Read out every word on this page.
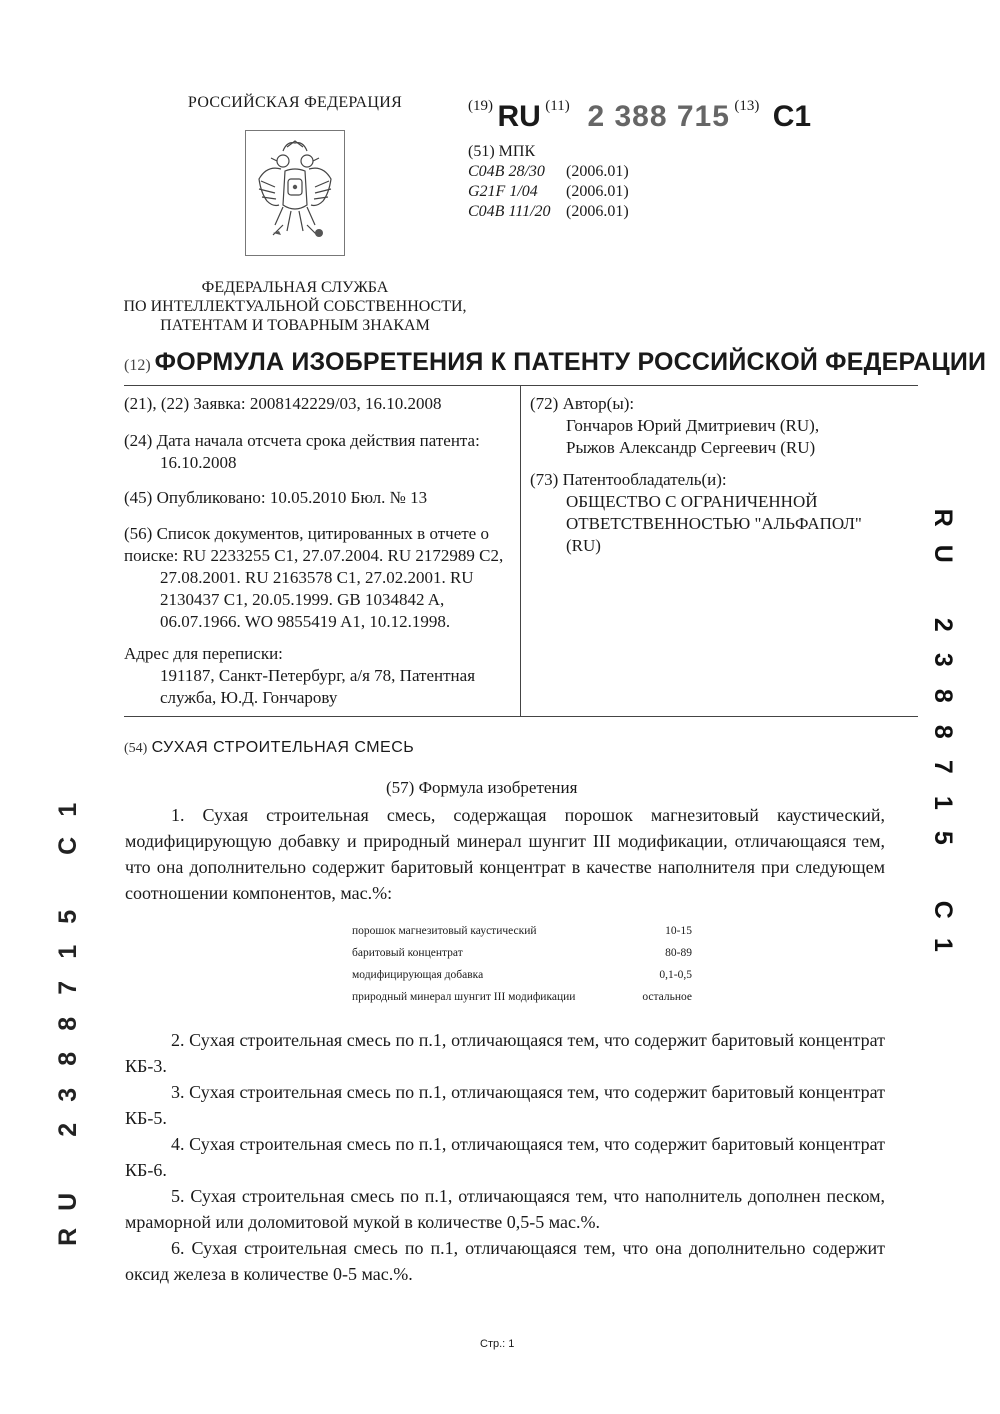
РОССИЙСКАЯ ФЕДЕРАЦИЯ
ФЕДЕРАЛЬНАЯ СЛУЖБА
ПО ИНТЕЛЛЕКТУАЛЬНОЙ СОБСТВЕННОСТИ,
ПАТЕНТАМ И ТОВАРНЫМ ЗНАКАМ
(19) RU (11) 2 388 715 (13) C1
(51) МПК
C04B 28/30 (2006.01)
G21F 1/04 (2006.01)
C04B 111/20 (2006.01)
(12) ФОРМУЛА ИЗОБРЕТЕНИЯ К ПАТЕНТУ РОССИЙСКОЙ ФЕДЕРАЦИИ
(21), (22) Заявка: 2008142229/03, 16.10.2008
(24) Дата начала отсчета срока действия патента:
16.10.2008
(45) Опубликовано: 10.05.2010 Бюл. № 13
(56) Список документов, цитированных в отчете о
поиске: RU 2233255 C1, 27.07.2004. RU 2172989 C2,
27.08.2001. RU 2163578 C1, 27.02.2001. RU
2130437 C1, 20.05.1999. GB 1034842 A,
06.07.1966. WO 9855419 A1, 10.12.1998.
Адрес для переписки:
191187, Санкт-Петербург, а/я 78, Патентная
служба, Ю.Д. Гончарову
(72) Автор(ы):
Гончаров Юрий Дмитриевич (RU),
Рыжов Александр Сергеевич (RU)
(73) Патентообладатель(и):
ОБЩЕСТВО С ОГРАНИЧЕННОЙ
ОТВЕТСТВЕННОСТЬЮ "АЛЬФАПОЛ"
(RU)
(54) СУХАЯ СТРОИТЕЛЬНАЯ СМЕСЬ
(57) Формула изобретения

1. Сухая строительная смесь, содержащая порошок магнезитовый каустический, модифицирующую добавку и природный минерал шунгит III модификации, отличающаяся тем, что она дополнительно содержит баритовый концентрат в качестве наполнителя при следующем соотношении компонентов, мас.%:

порошок магнезитовый каустический	10-15
баритовый концентрат	80-89
модифицирующая добавка	0,1-0,5
природный минерал шунгит III модификации	остальное

2. Сухая строительная смесь по п.1, отличающаяся тем, что содержит баритовый концентрат КБ-3.

3. Сухая строительная смесь по п.1, отличающаяся тем, что содержит баритовый концентрат КБ-5.

4. Сухая строительная смесь по п.1, отличающаяся тем, что содержит баритовый концентрат КБ-6.

5. Сухая строительная смесь по п.1, отличающаяся тем, что наполнитель дополнен песком, мраморной или доломитовой мукой в количестве 0,5-5 мас.%.

6. Сухая строительная смесь по п.1, отличающаяся тем, что она дополнительно содержит оксид железа в количестве 0-5 мас.%.

R
U

2
3
8
8
7
1
5

C
1
1
C

5
1
7
8
8
3
2

U
R
Стр.: 1
